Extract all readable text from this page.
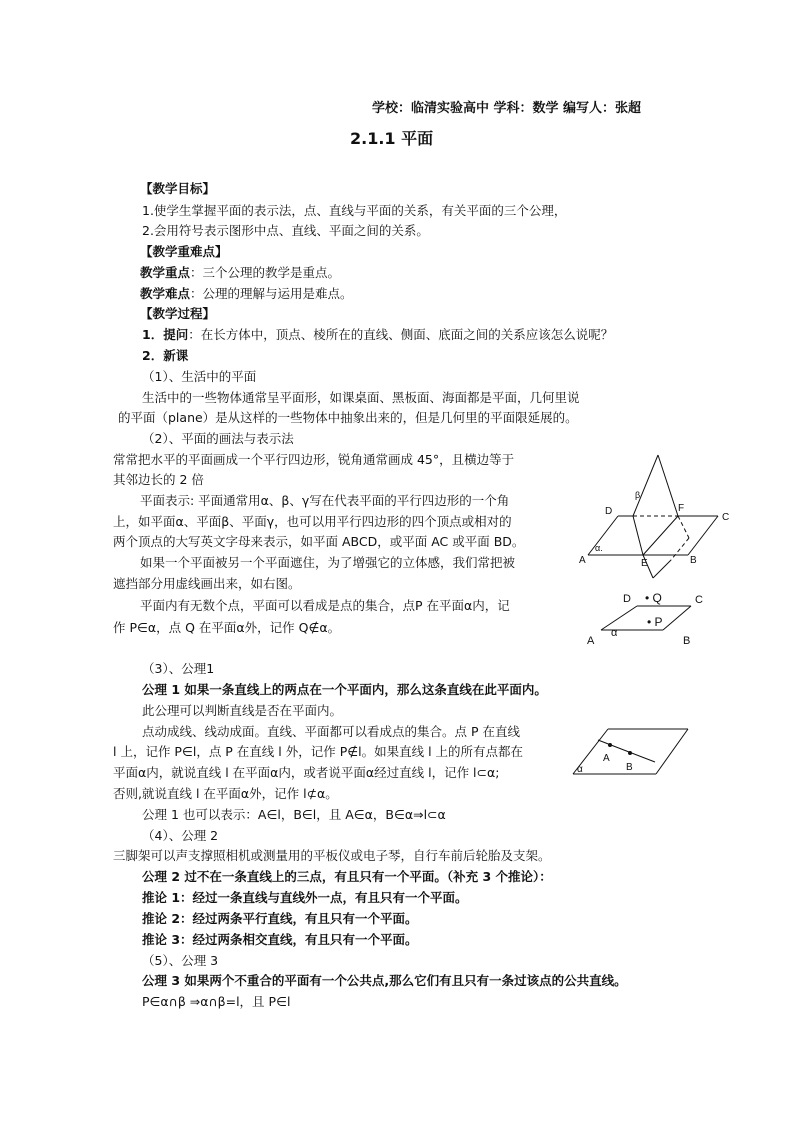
学校：临清实验高中 学科：数学 编写人：张超
2.1.1 平面
【教学目标】
1.使学生掌握平面的表示法，点、直线与平面的关系，有关平面的三个公理，
2.会用符号表示图形中点、直线、平面之间的关系。
【教学重难点】
教学重点：三个公理的教学是重点。
教学难点：公理的理解与运用是难点。
【教学过程】
1．提问：在长方体中，顶点、棱所在的直线、侧面、底面之间的关系应该怎么说呢？
2．新课
（1）、生活中的平面
生活中的一些物体通常呈平面形，如课桌面、黑板面、海面都是平面，几何里说
的平面（plane）是从这样的一些物体中抽象出来的，但是几何里的平面限延展的。
（2）、平面的画法与表示法
常常把水平的平面画成一个平行四边形，锐角通常画成 45°，且横边等于
其邻边长的 2 倍
平面表示: 平面通常用α、β、γ写在代表平面的平行四边形的一个角
上，如平面α、平面β、平面γ，也可以用平行四边形的四个顶点或相对的
两个顶点的大写英文字母来表示，如平面 ABCD，或平面 AC 或平面 BD。
如果一个平面被另一个平面遮住，为了增强它的立体感，我们常把被
遮挡部分用虚线画出来，如右图。
平面内有无数个点，平面可以看成是点的集合，点P 在平面α内，记
作 P∈α，点 Q 在平面α外，记作 Q∉α。
（3）、公理1
公理 1 如果一条直线上的两点在一个平面内，那么这条直线在此平面内。
此公理可以判断直线是否在平面内。
点动成线、线动成面。直线、平面都可以看成点的集合。点 P 在直线
l 上，记作 P∈l，点 P 在直线 l 外，记作 P∉l。如果直线 l 上的所有点都在
平面α内，就说直线 l 在平面α内，或者说平面α经过直线 l，记作 l⊂α;
否则,就说直线 l 在平面α外，记作 l⊄α。
公理 1 也可以表示：A∈l，B∈l，且 A∈α，B∈α⇒l⊂α
（4）、公理 2
三脚架可以声支撑照相机或测量用的平板仪或电子琴，自行车前后轮胎及支架。
公理 2 过不在一条直线上的三点，有且只有一个平面。（补充 3 个推论）：
推论 1：经过一条直线与直线外一点，有且只有一个平面。
推论 2：经过两条平行直线，有且只有一个平面。
推论 3：经过两条相交直线，有且只有一个平面。
（5）、公理 3
公理 3 如果两个不重合的平面有一个公共点,那么它们有且只有一条过该点的公共直线。
P∈α∩β ⇒α∩β=l，且 P∈l
β
D	F
C
α.
A	E	B
D • Q	C
• P
α
A	B
A
B
α
